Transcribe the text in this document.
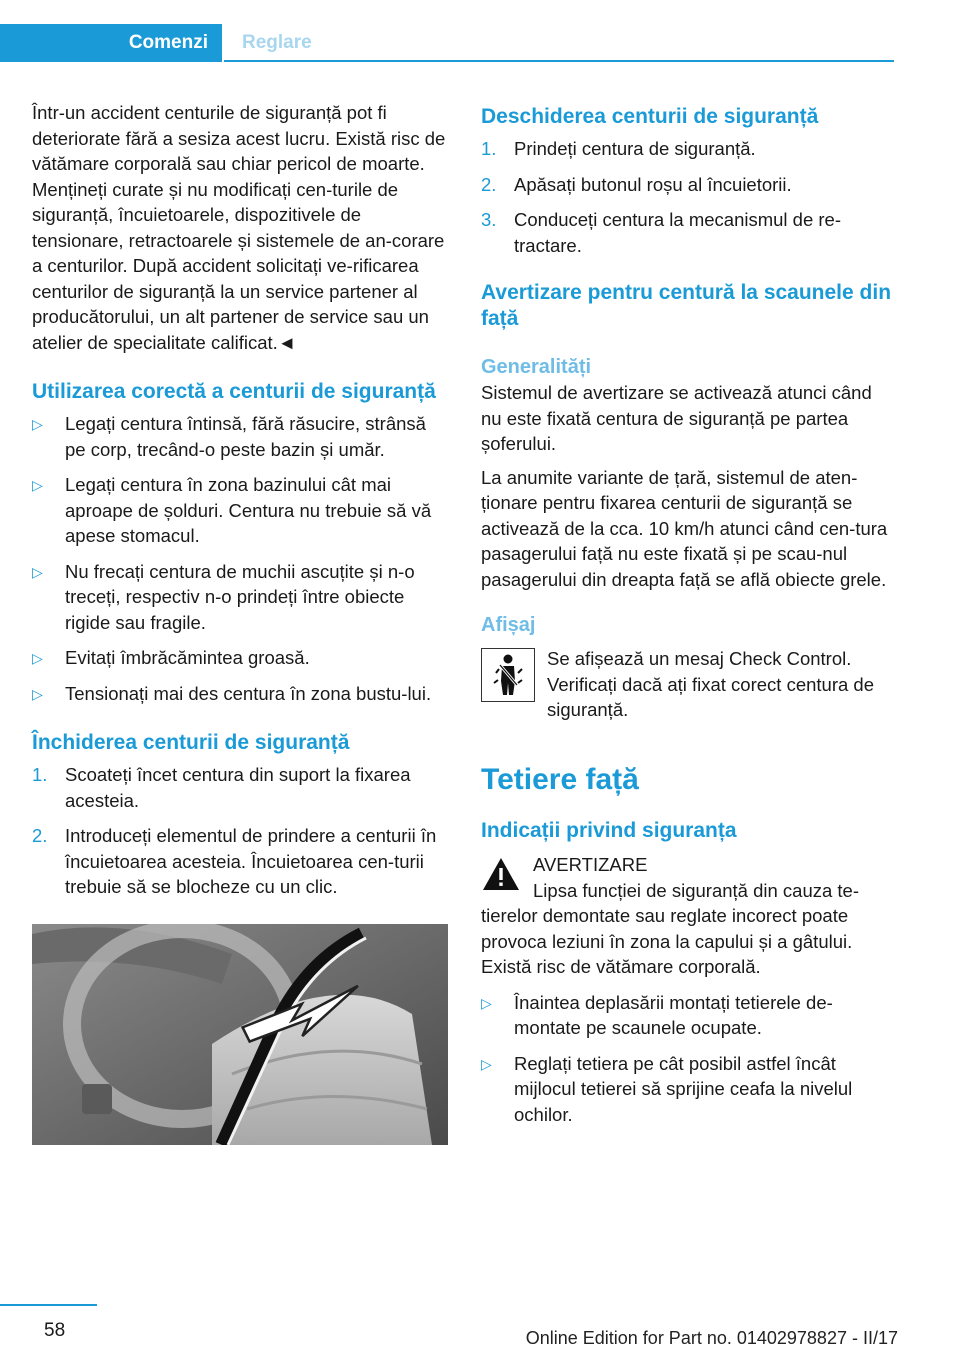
Comenzi Reglare

Într-un accident centurile de siguranță pot fi deteriorate fără a sesiza acest lucru. Există risc de vătămare corporală sau chiar pericol de moarte. Mențineți curate și nu modificați cen-turile de siguranță, încuietoarele, dispozitivele de tensionare, retractoarele și sistemele de an-corare a centurilor. După accident solicitați ve-rificarea centurilor de siguranță la un service partener al producătorului, un alt partener de service sau un atelier de specialitate calificat.◄

Utilizarea corectă a centurii de siguranță
▷ Legați centura întinsă, fără răsucire, strânsă pe corp, trecând-o peste bazin și umăr.
▷ Legați centura în zona bazinului cât mai aproape de șolduri. Centura nu trebuie să vă apese stomacul.
▷ Nu frecați centura de muchii ascuțite și n-o treceți, respectiv n-o prindeți între obiecte rigide sau fragile.
▷ Evitați îmbrăcămintea groasă.
▷ Tensionați mai des centura în zona bustu-lui.
Închiderea centurii de siguranță
1. Scoateți încet centura din suport la fixarea acesteia.
2. Introduceți elementul de prindere a centurii în încuietoarea acesteia. Încuietoarea cen-turii trebuie să se blocheze cu un clic.
Deschiderea centurii de siguranță
1. Prindeți centura de siguranță.
2. Apăsați butonul roșu al încuietorii.
3. Conduceți centura la mecanismul de re-tractare.
Avertizare pentru centură la scaunele din față
Generalități

Sistemul de avertizare se activează atunci când nu este fixată centura de siguranță pe partea șoferului.

La anumite variante de țară, sistemul de aten-ționare pentru fixarea centurii de siguranță se activează de la cca. 10 km/h atunci când cen-tura pasagerului față nu este fixată și pe scau-nul pasagerului din dreapta față se află obiecte grele.

Afișaj

Se afișează un mesaj Check Control. Verificați dacă ați fixat corect centura de siguranță.

Tetiere față
Indicații privind siguranța

AVERTIZARE

Lipsa funcției de siguranță din cauza te-tierelor demontate sau reglate incorect poate provoca leziuni în zona la capului și a gâtului. Există risc de vătămare corporală.

▷ Înaintea deplasării montați tetierele de-montate pe scaunele ocupate.
▷ Reglați tetiera pe cât posibil astfel încât mijlocul tetierei să sprijine ceafa la nivelul ochilor.
58	Online Edition for Part no. 01402978827 - II/17
